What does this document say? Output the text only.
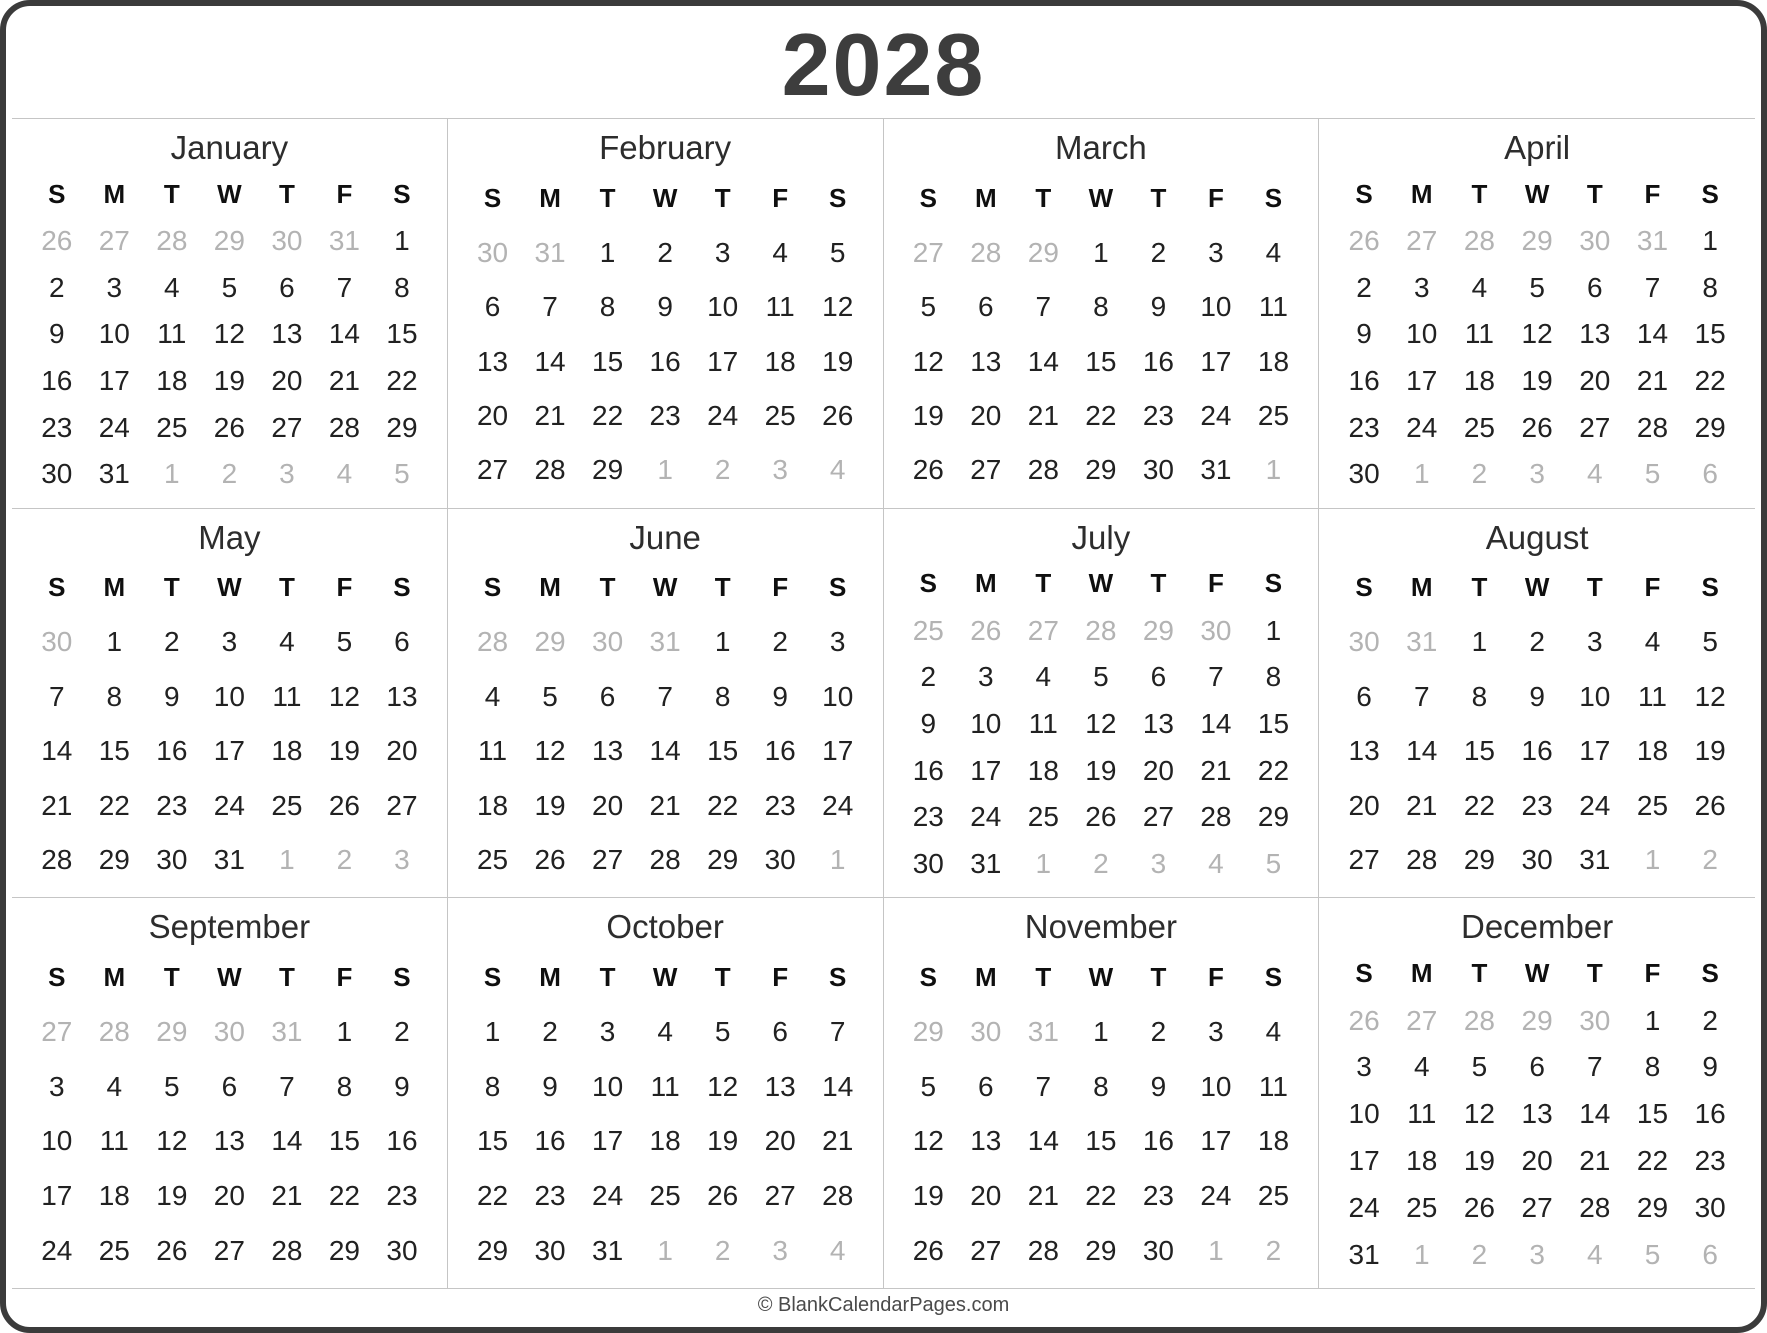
2028
January
S	M	T	W	T	F	S
26 27 28 29 30 31	1
2	3	4	5	6	7	8
9	10 11 12 13 14 15
16 17 18 19 20 21 22
23 24 25 26 27 28 29
30 31	1	2	3	4	5
February
S	M	T	W	T	F	S
30 31	1	2	3	4	5
6	7	8	9	10 11 12
13 14 15 16 17 18 19
20 21 22 23 24 25 26
27 28 29	1	2	3	4
March
S	M	T	W	T	F	S
27 28 29	1	2	3	4
5	6	7	8	9	10 11
12 13 14 15 16 17 18
19 20 21 22 23 24 25
26 27 28 29 30 31	1
April
S	M	T	W	T	F	S
26 27 28 29 30 31	1
2	3	4	5	6	7	8
9	10 11 12 13 14 15
16 17 18 19 20 21 22
23 24 25 26 27 28 29
30	1	2	3	4	5	6
May
S	M	T	W	T	F	S
30	1	2	3	4	5	6
7	8	9	10 11 12 13
14 15 16 17 18 19 20
21 22 23 24 25 26 27
28 29 30 31	1	2	3
June
S	M	T	W	T	F	S
28 29 30 31	1	2	3
4	5	6	7	8	9	10
11 12 13 14 15 16 17
18 19 20 21 22 23 24
25 26 27 28 29 30	1
July
S	M	T	W	T	F	S
25 26 27 28 29 30	1
2	3	4	5	6	7	8
9	10 11 12 13 14 15
16 17 18 19 20 21 22
23 24 25 26 27 28 29
30 31	1	2	3	4	5
August
S	M	T	W	T	F	S
30 31	1	2	3	4	5
6	7	8	9	10 11 12
13 14 15 16 17 18 19
20 21 22 23 24 25 26
27 28 29 30 31	1	2
September
S	M	T	W	T	F	S
27 28 29 30 31	1	2
3	4	5	6	7	8	9
10 11 12 13 14 15 16
17 18 19 20 21 22 23
24 25 26 27 28 29 30
October
S	M	T	W	T	F	S
1	2	3	4	5	6	7
8	9	10 11 12 13 14
15 16 17 18 19 20 21
22 23 24 25 26 27 28
29 30 31	1	2	3	4
November
S	M	T	W	T	F	S
29 30 31	1	2	3	4
5	6	7	8	9	10 11
12 13 14 15 16 17 18
19 20 21 22 23 24 25
26 27 28 29 30	1	2
December
S	M	T	W	T	F	S
26 27 28 29 30	1	2
3	4	5	6	7	8	9
10 11 12 13 14 15 16
17 18 19 20 21 22 23
24 25 26 27 28 29 30
31	1	2	3	4	5	6
© BlankCalendarPages.com
